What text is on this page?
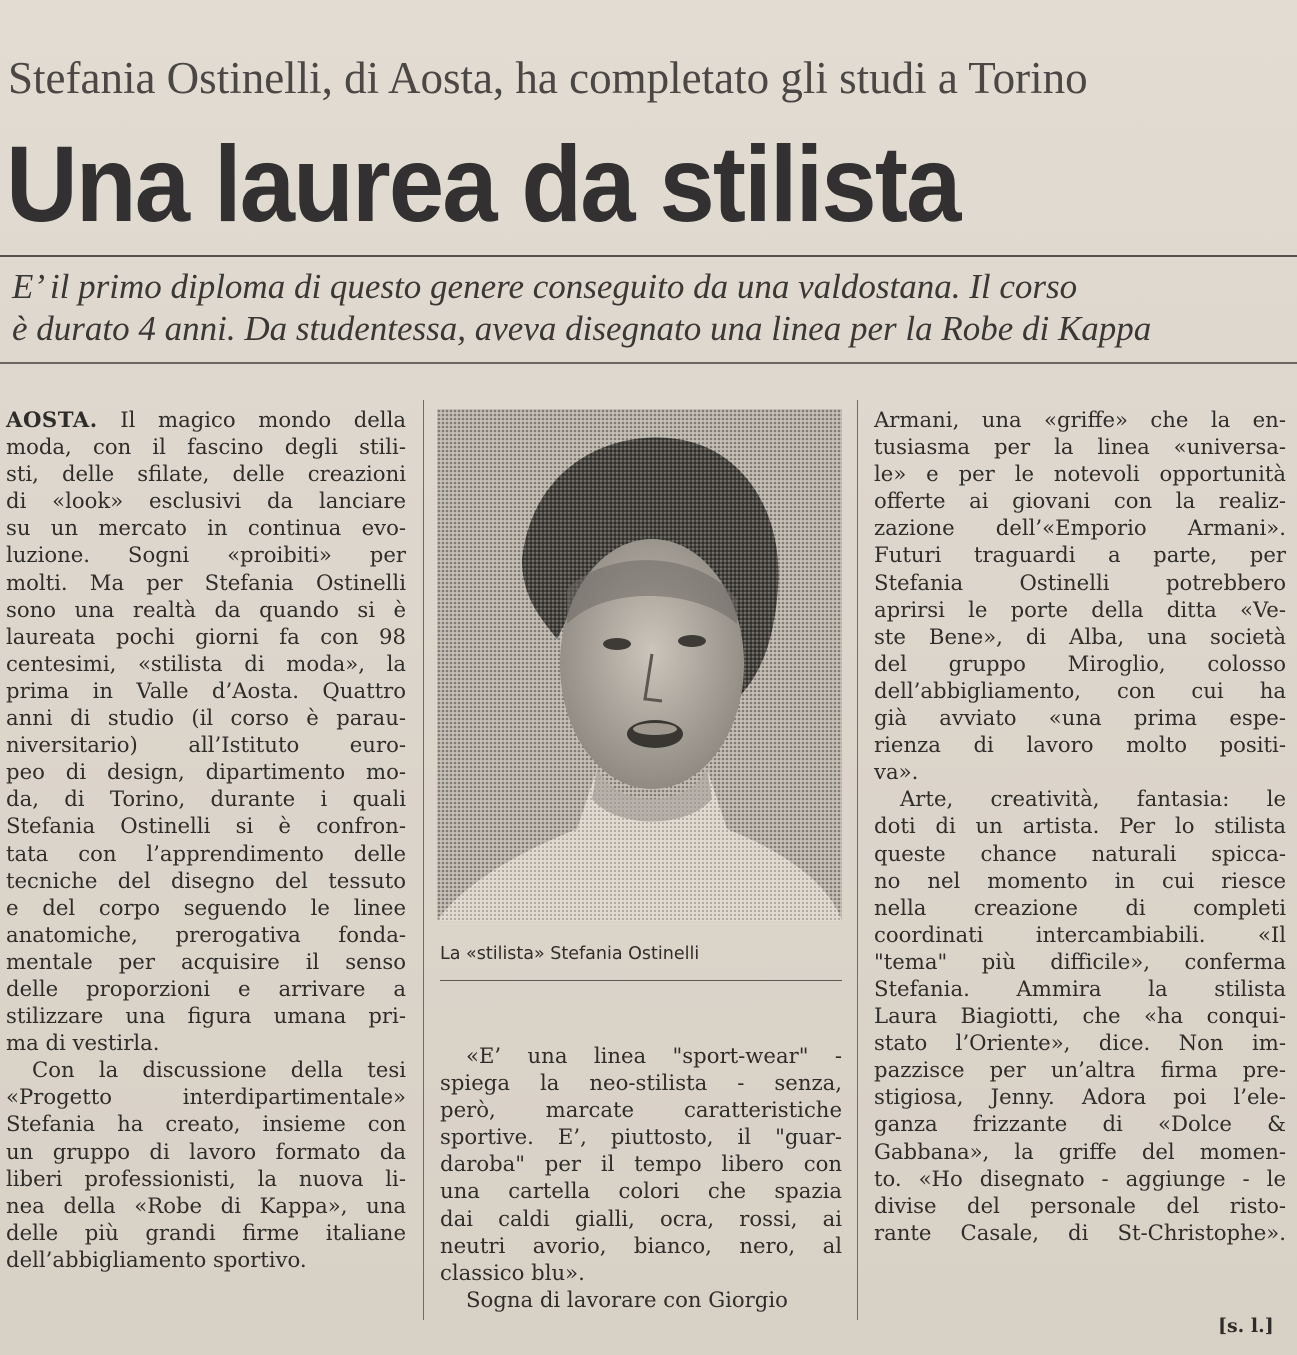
Stefania Ostinelli, di Aosta, ha completato gli studi a Torino
Una laurea da stilista
E’ il primo diploma di questo genere conseguito da una valdostana. Il corso
è durato 4 anni. Da studentessa, aveva disegnato una linea per la Robe di Kappa
AOSTA. Il magico mondo della
moda, con il fascino degli stili-
sti, delle sfilate, delle creazioni
di «look» esclusivi da lanciare
su un mercato in continua evo-
luzione. Sogni «proibiti» per
molti. Ma per Stefania Ostinelli
sono una realtà da quando si è
laureata pochi giorni fa con 98
centesimi, «stilista di moda», la
prima in Valle d’Aosta. Quattro
anni di studio (il corso è parau-
niversitario) all’Istituto euro-
peo di design, dipartimento mo-
da, di Torino, durante i quali
Stefania Ostinelli si è confron-
tata con l’apprendimento delle
tecniche del disegno del tessuto
e del corpo seguendo le linee
anatomiche, prerogativa fonda-
mentale per acquisire il senso
delle proporzioni e arrivare a
stilizzare una figura umana pri-
ma di vestirla.
Con la discussione della tesi
«Progetto interdipartimentale»
Stefania ha creato, insieme con
un gruppo di lavoro formato da
liberi professionisti, la nuova li-
nea della «Robe di Kappa», una
delle più grandi firme italiane
dell’abbigliamento sportivo.
La «stilista» Stefania Ostinelli
«E’ una linea "sport-wear" -
spiega la neo-stilista - senza,
però, marcate caratteristiche
sportive. E’, piuttosto, il "guar-
daroba" per il tempo libero con
una cartella colori che spazia
dai caldi gialli, ocra, rossi, ai
neutri avorio, bianco, nero, al
classico blu».
Sogna di lavorare con Giorgio
Armani, una «griffe» che la en-
tusiasma per la linea «universa-
le» e per le notevoli opportunità
offerte ai giovani con la realiz-
zazione dell’«Emporio Armani».
Futuri traguardi a parte, per
Stefania Ostinelli potrebbero
aprirsi le porte della ditta «Ve-
ste Bene», di Alba, una società
del gruppo Miroglio, colosso
dell’abbigliamento, con cui ha
già avviato «una prima espe-
rienza di lavoro molto positi-
va».
Arte, creatività, fantasia: le
doti di un artista. Per lo stilista
queste chance naturali spicca-
no nel momento in cui riesce
nella creazione di completi
coordinati intercambiabili. «Il
"tema" più difficile», conferma
Stefania. Ammira la stilista
Laura Biagiotti, che «ha conqui-
stato l’Oriente», dice. Non im-
pazzisce per un’altra firma pre-
stigiosa, Jenny. Adora poi l’ele-
ganza frizzante di «Dolce &
Gabbana», la griffe del momen-
to. «Ho disegnato - aggiunge - le
divise del personale del risto-
rante Casale, di St-Christophe».
[s. l.]
